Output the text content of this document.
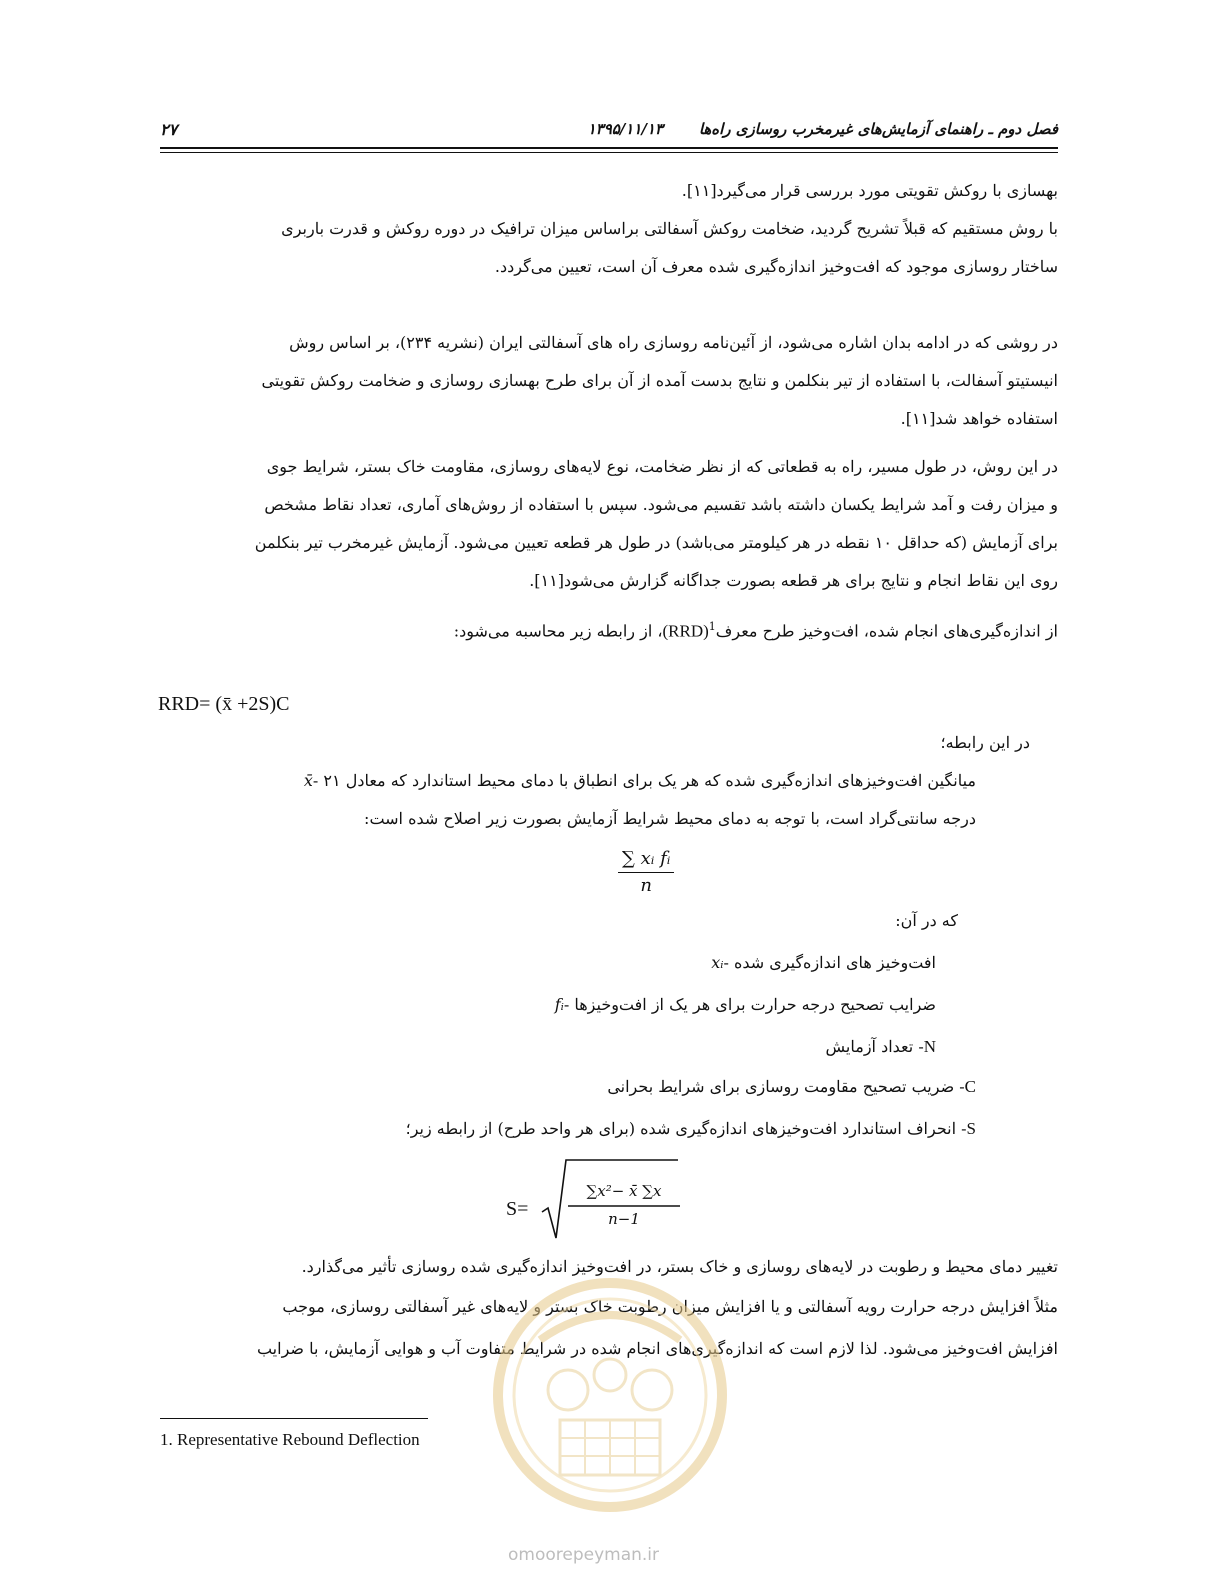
فصل دوم ـ راهنمای آزمایش‌های غیرمخرب روسازی راه‌ها
۱۳۹۵/۱۱/۱۳
۲۷
بهسازی با روکش تقویتی مورد بررسی قرار می‌گیرد[۱۱].
با روش مستقیم که قبلاً تشریح گردید، ضخامت روکش آسفالتی براساس میزان ترافیک در دوره روکش و قدرت باربری
ساختار روسازی موجود که افت‌وخیز اندازه‌گیری شده معرف آن است، تعیین می‌گردد.
در روشی که در ادامه بدان اشاره می‌شود، از آئین‌نامه روسازی راه های آسفالتی ایران (نشریه ۲۳۴)، بر اساس روش
انیستیتو آسفالت، با استفاده از تیر بنکلمن و نتایج بدست آمده از آن برای طرح بهسازی روسازی و ضخامت روکش تقویتی
استفاده خواهد شد[۱۱].
در این روش، در طول مسیر، راه به قطعاتی که از نظر ضخامت، نوع لایه‌های روسازی، مقاومت خاک بستر، شرایط جوی
و میزان رفت و آمد شرایط یکسان داشته باشد تقسیم می‌شود. سپس با استفاده از روش‌های آماری، تعداد نقاط مشخص
برای آزمایش (که حداقل ۱۰ نقطه در هر کیلومتر می‌باشد) در طول هر قطعه تعیین می‌شود. آزمایش غیرمخرب تیر بنکلمن
روی این نقاط انجام و نتایج برای هر قطعه بصورت جداگانه گزارش می‌شود[۱۱].
از اندازه‌گیری‌های انجام شده، افت‌وخیز طرح معرف$^1$(RRD)، از رابطه زیر محاسبه می‌شود:
RRD= (x̄ +2S)C
در این رابطه؛
x̄- میانگین افت‌وخیزهای اندازه‌گیری شده که هر یک برای انطباق با دمای محیط استاندارد که معادل ۲۱
درجه سانتی‌گراد است، با توجه به دمای محیط شرایط آزمایش بصورت زیر اصلاح شده است:
$\frac{\text{∑ xᵢ fᵢ}}{n}$
که در آن:
xᵢ- افت‌وخیز های اندازه‌گیری شده
fᵢ- ضرایب تصحیح درجه حرارت برای هر یک از افت‌وخیزها
N- تعداد آزمایش
C- ضریب تصحیح مقاومت روسازی برای شرایط بحرانی
S- انحراف استاندارد افت‌وخیزهای اندازه‌گیری شده (برای هر واحد طرح) از رابطه زیر؛
S=
∑x²− x̄ ∑x
n−1
تغییر دمای محیط و رطوبت در لایه‌های روسازی و خاک بستر، در افت‌وخیز اندازه‌گیری شده روسازی تأثیر می‌گذارد.
مثلاً افزایش درجه حرارت رویه آسفالتی و یا افزایش میزان رطوبت خاک بستر و لایه‌های غیر آسفالتی روسازی، موجب
افزایش افت‌وخیز می‌شود. لذا لازم است که اندازه‌گیری‌های انجام شده در شرایط متفاوت آب و هوایی آزمایش، با ضرایب
omoorepeyman.ir
1. Representative Rebound Deflection
